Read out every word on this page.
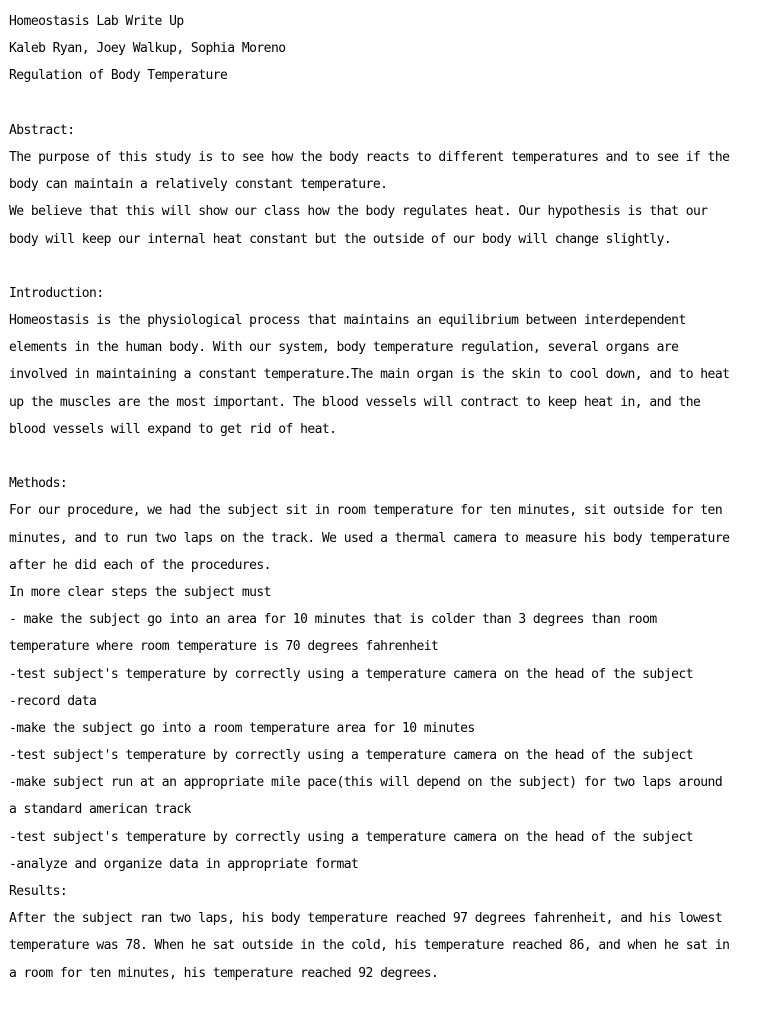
Homeostasis Lab Write Up
Kaleb Ryan, Joey Walkup, Sophia Moreno
Regulation of Body Temperature
Abstract:
The purpose of this study is to see how the body reacts to different temperatures and to see if the
body can maintain a relatively constant temperature.
We believe that this will show our class how the body regulates heat. Our hypothesis is that our
body will keep our internal heat constant but the outside of our body will change slightly.
Introduction:
Homeostasis is the physiological process that maintains an equilibrium between interdependent
elements in the human body. With our system, body temperature regulation, several organs are
involved in maintaining a constant temperature.The main organ is the skin to cool down, and to heat
up the muscles are the most important. The blood vessels will contract to keep heat in, and the
blood vessels will expand to get rid of heat.
Methods:
For our procedure, we had the subject sit in room temperature for ten minutes, sit outside for ten
minutes, and to run two laps on the track. We used a thermal camera to measure his body temperature
after he did each of the procedures.
In more clear steps the subject must
- make the subject go into an area for 10 minutes that is colder than 3 degrees than room
temperature where room temperature is 70 degrees fahrenheit
-test subject's temperature by correctly using a temperature camera on the head of the subject
-record data
-make the subject go into a room temperature area for 10 minutes
-test subject's temperature by correctly using a temperature camera on the head of the subject
-make subject run at an appropriate mile pace(this will depend on the subject) for two laps around
a standard american track
-test subject's temperature by correctly using a temperature camera on the head of the subject
-analyze and organize data in appropriate format
Results:
After the subject ran two laps, his body temperature reached 97 degrees fahrenheit, and his lowest
temperature was 78. When he sat outside in the cold, his temperature reached 86, and when he sat in
a room for ten minutes, his temperature reached 92 degrees.
